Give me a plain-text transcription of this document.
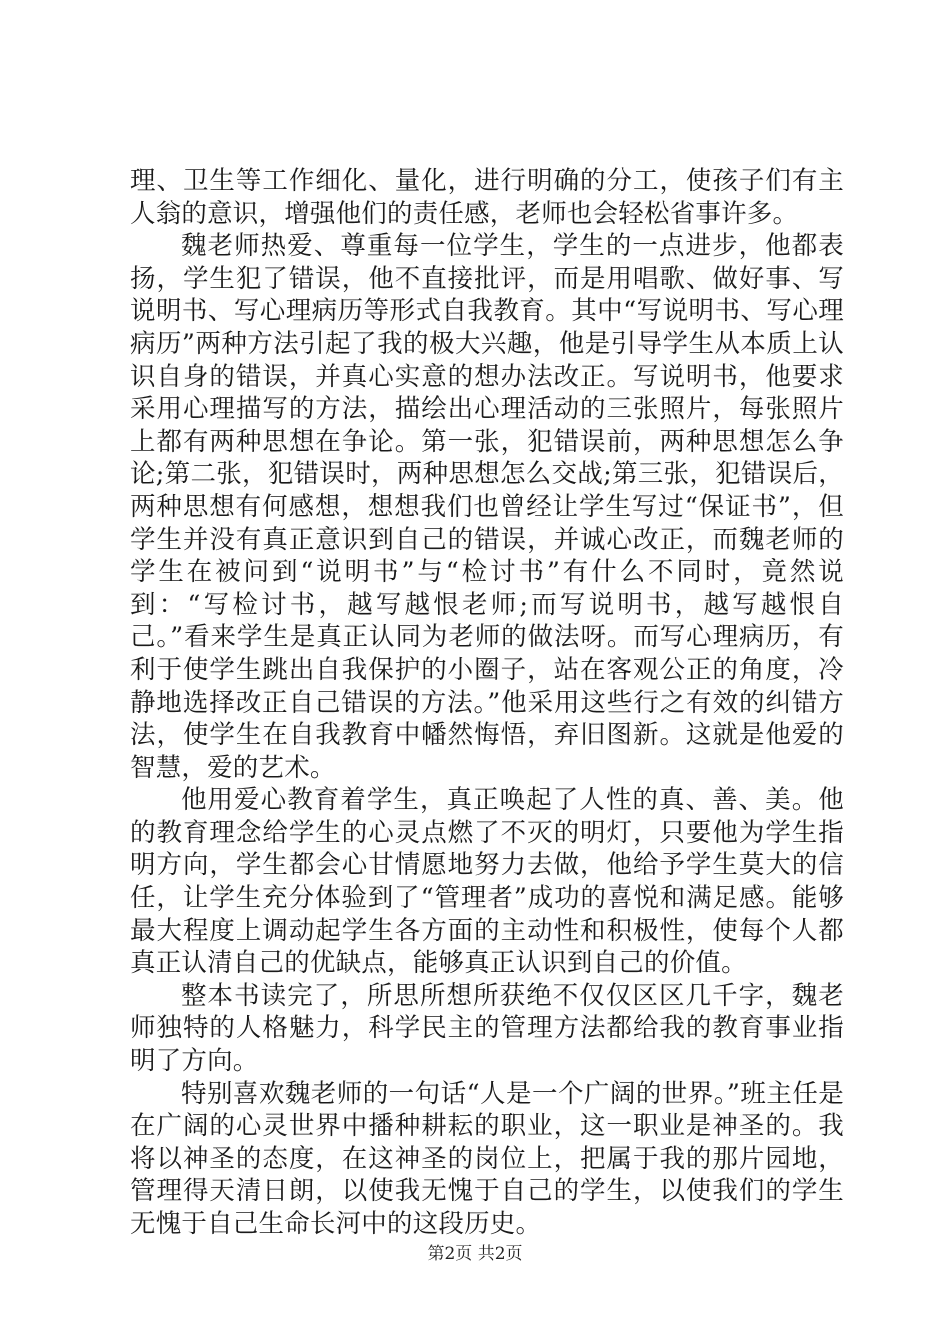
理、卫生等工作细化、量化，进行明确的分工，使孩子们有主人翁的意识，增强他们的责任感，老师也会轻松省事许多。

魏老师热爱、尊重每一位学生，学生的一点进步，他都表扬，学生犯了错误，他不直接批评，而是用唱歌、做好事、写说明书、写心理病历等形式自我教育。其中“写说明书、写心理病历”两种方法引起了我的极大兴趣，他是引导学生从本质上认识自身的错误，并真心实意的想办法改正。写说明书，他要求采用心理描写的方法，描绘出心理活动的三张照片，每张照片上都有两种思想在争论。第一张，犯错误前，两种思想怎么争论;第二张，犯错误时，两种思想怎么交战;第三张，犯错误后，两种思想有何感想，想想我们也曾经让学生写过“保证书”，但学生并没有真正意识到自己的错误，并诚心改正，而魏老师的学生在被问到“说明书”与“检讨书”有什么不同时，竟然说到：“写检讨书，越写越恨老师;而写说明书，越写越恨自己。”看来学生是真正认同为老师的做法呀。而写心理病历，有利于使学生跳出自我保护的小圈子，站在客观公正的角度，冷静地选择改正自己错误的方法。”他采用这些行之有效的纠错方法，使学生在自我教育中幡然悔悟，弃旧图新。这就是他爱的智慧，爱的艺术。

他用爱心教育着学生，真正唤起了人性的真、善、美。他的教育理念给学生的心灵点燃了不灭的明灯，只要他为学生指明方向，学生都会心甘情愿地努力去做，他给予学生莫大的信任，让学生充分体验到了“管理者”成功的喜悦和满足感。能够最大程度上调动起学生各方面的主动性和积极性，使每个人都真正认清自己的优缺点，能够真正认识到自己的价值。

整本书读完了，所思所想所获绝不仅仅区区几千字，魏老师独特的人格魅力，科学民主的管理方法都给我的教育事业指明了方向。

特别喜欢魏老师的一句话“人是一个广阔的世界。”班主任是在广阔的心灵世界中播种耕耘的职业，这一职业是神圣的。我将以神圣的态度，在这神圣的岗位上，把属于我的那片园地，管理得天清日朗，以使我无愧于自己的学生，以使我们的学生无愧于自己生命长河中的这段历史。

第2页 共2页
